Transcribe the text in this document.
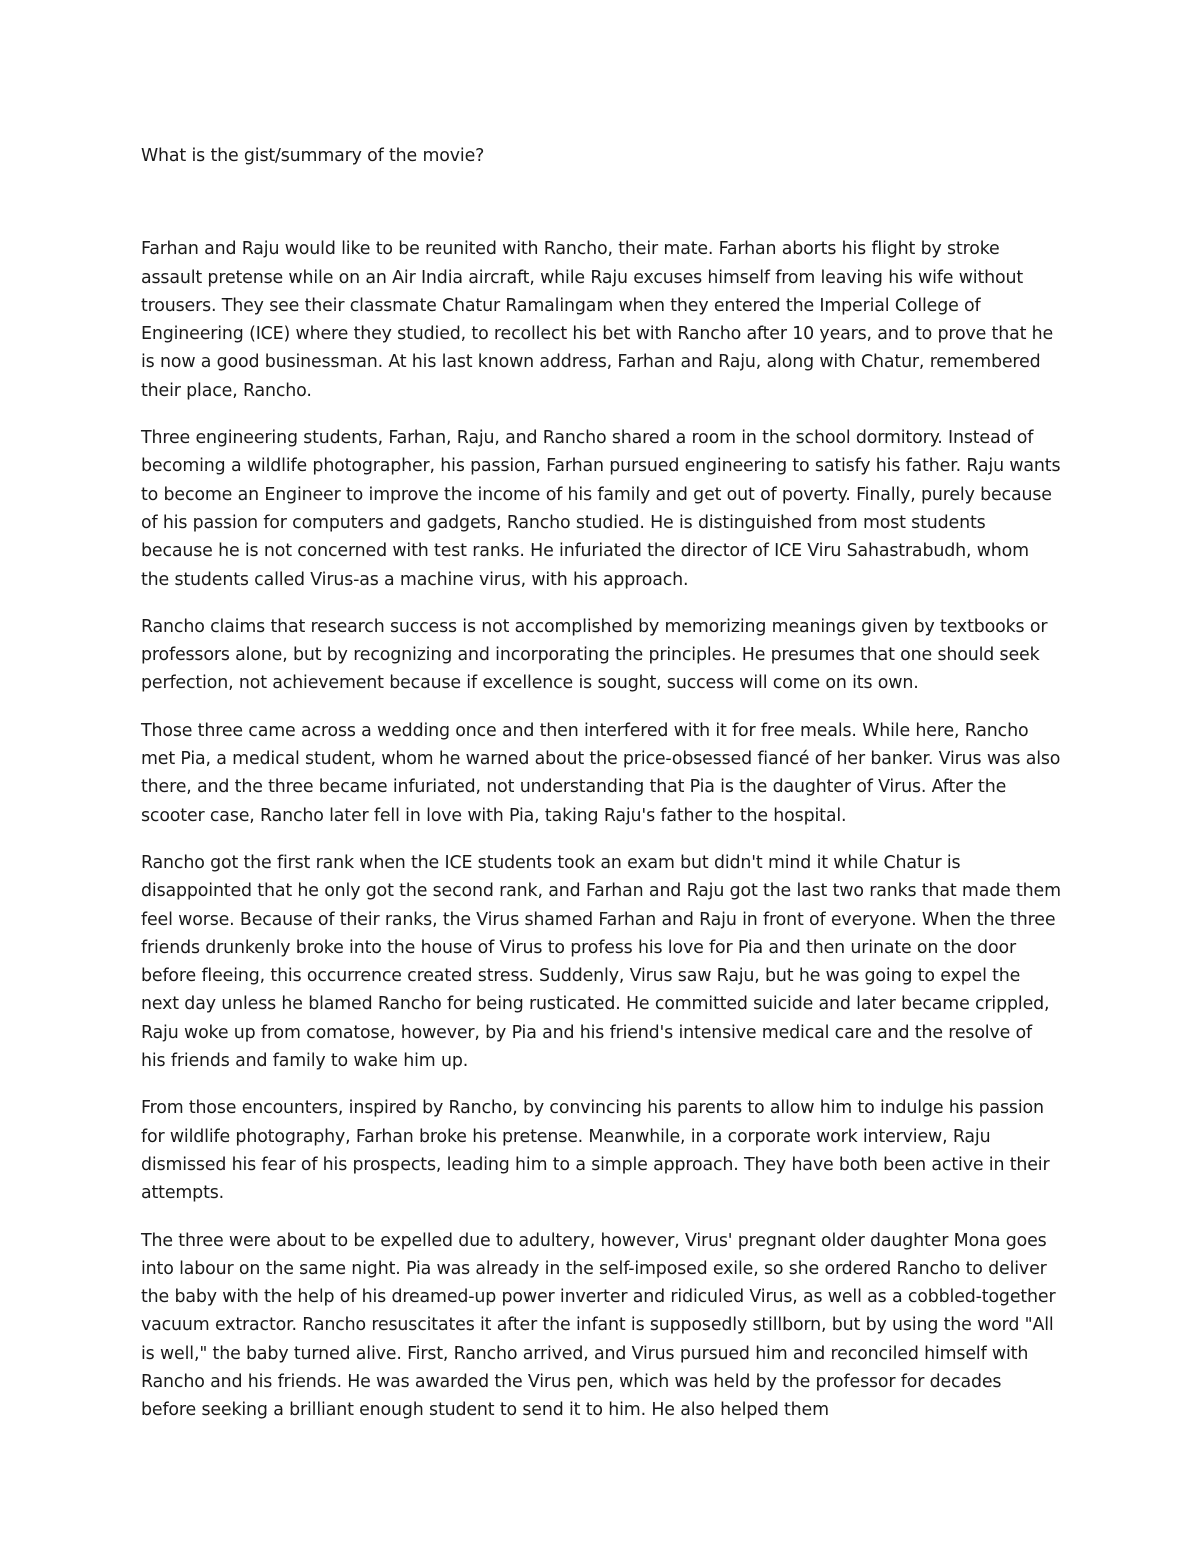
What is the gist/summary of the movie?

Farhan and Raju would like to be reunited with Rancho, their mate. Farhan aborts his flight by stroke assault pretense while on an Air India aircraft, while Raju excuses himself from leaving his wife without trousers. They see their classmate Chatur Ramalingam when they entered the Imperial College of Engineering (ICE) where they studied, to recollect his bet with Rancho after 10 years, and to prove that he is now a good businessman. At his last known address, Farhan and Raju, along with Chatur, remembered their place, Rancho.

Three engineering students, Farhan, Raju, and Rancho shared a room in the school dormitory. Instead of becoming a wildlife photographer, his passion, Farhan pursued engineering to satisfy his father. Raju wants to become an Engineer to improve the income of his family and get out of poverty. Finally, purely because of his passion for computers and gadgets, Rancho studied. He is distinguished from most students because he is not concerned with test ranks. He infuriated the director of ICE Viru Sahastrabudh, whom the students called Virus-as a machine virus, with his approach.

Rancho claims that research success is not accomplished by memorizing meanings given by textbooks or professors alone, but by recognizing and incorporating the principles. He presumes that one should seek perfection, not achievement because if excellence is sought, success will come on its own.

Those three came across a wedding once and then interfered with it for free meals. While here, Rancho met Pia, a medical student, whom he warned about the price-obsessed fiancé of her banker. Virus was also there, and the three became infuriated, not understanding that Pia is the daughter of Virus. After the scooter case, Rancho later fell in love with Pia, taking Raju's father to the hospital.

Rancho got the first rank when the ICE students took an exam but didn't mind it while Chatur is disappointed that he only got the second rank, and Farhan and Raju got the last two ranks that made them feel worse. Because of their ranks, the Virus shamed Farhan and Raju in front of everyone. When the three friends drunkenly broke into the house of Virus to profess his love for Pia and then urinate on the door before fleeing, this occurrence created stress. Suddenly, Virus saw Raju, but he was going to expel the next day unless he blamed Rancho for being rusticated. He committed suicide and later became crippled, Raju woke up from comatose, however, by Pia and his friend's intensive medical care and the resolve of his friends and family to wake him up.

From those encounters, inspired by Rancho, by convincing his parents to allow him to indulge his passion for wildlife photography, Farhan broke his pretense. Meanwhile, in a corporate work interview, Raju dismissed his fear of his prospects, leading him to a simple approach. They have both been active in their attempts.

The three were about to be expelled due to adultery, however, Virus' pregnant older daughter Mona goes into labour on the same night. Pia was already in the self-imposed exile, so she ordered Rancho to deliver the baby with the help of his dreamed-up power inverter and ridiculed Virus, as well as a cobbled-together vacuum extractor. Rancho resuscitates it after the infant is supposedly stillborn, but by using the word "All is well," the baby turned alive. First, Rancho arrived, and Virus pursued him and reconciled himself with Rancho and his friends. He was awarded the Virus pen, which was held by the professor for decades before seeking a brilliant enough student to send it to him. He also helped them
